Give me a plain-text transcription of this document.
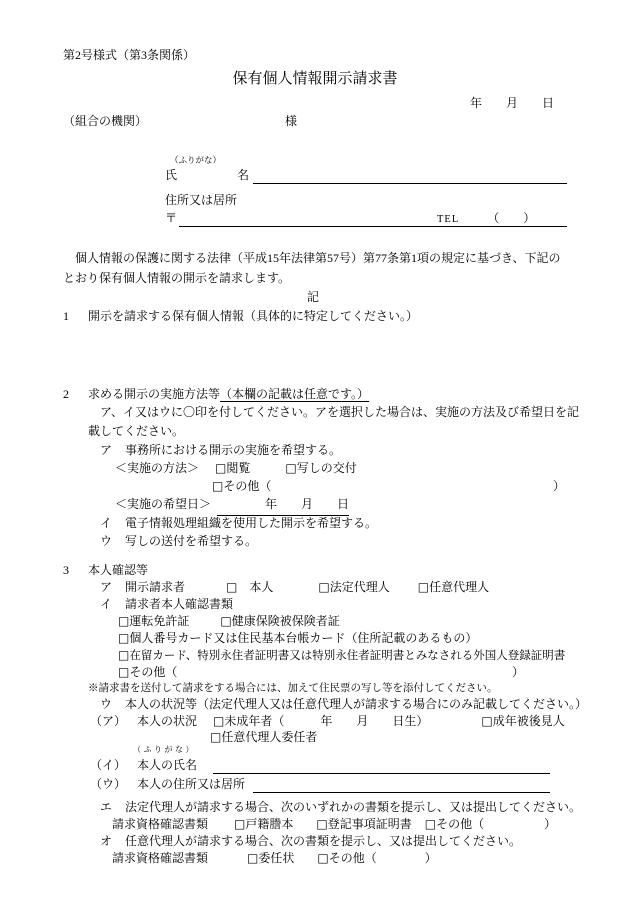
第2号様式（第3条関係）
保有個人情報開示請求書
年　　月　　日
（組合の機関）	様
（ふりがな）
氏　　　　　名
住所又は居所
〒	TEL （　　）
　個人情報の保護に関する法律（平成15年法律第57号）第77条第1項の規定に基づき、下記のとおり保有個人情報の開示を請求します。
記
1 開示を請求する保有個人情報（具体的に特定してください。）
2 求める開示の実施方法等（本欄の記載は任意です。）
　ア、イ又はウに〇印を付してください。アを選択した場合は、実施の方法及び希望日を記載してください。
ア 事務所における開示の実施を希望する。
＜実施の方法＞ □閲覧	□写しの交付
□その他（	）
＜実施の希望日＞　　　　年　　月　　日
イ 電子情報処理組織を使用した開示を希望する。
ウ 写しの送付を希望する。
3 本人確認等
ア 開示請求者	□　本人	□法定代理人 □任意代理人
イ 請求者本人確認書類
□運転免許証	□健康保険被保険者証
□個人番号カード又は住民基本台帳カード（住所記載のあるもの）
□在留カード、特別永住者証明書又は特別永住者証明書とみなされる外国人登録証明書
□その他（	）
※請求書を送付して請求をする場合には、加えて住民票の写し等を添付してください。
ウ 本人の状況等（法定代理人又は任意代理人が請求する場合にのみ記載してください。）
（ア） 本人の状況 □未成年者（　　　年　　月　　日生）	□成年被後見人
□任意代理人委任者
（ふりがな）
（イ） 本人の氏名
（ウ） 本人の住所又は居所
エ 法定代理人が請求する場合、次のいずれかの書類を提示し、又は提出してください。
請求資格確認書類 □戸籍謄本 □登記事項証明書 □その他（　　　　　）
オ 任意代理人が請求する場合、次の書類を提示し、又は提出してください。
請求資格確認書類	□委任状 □その他（　　　　）
